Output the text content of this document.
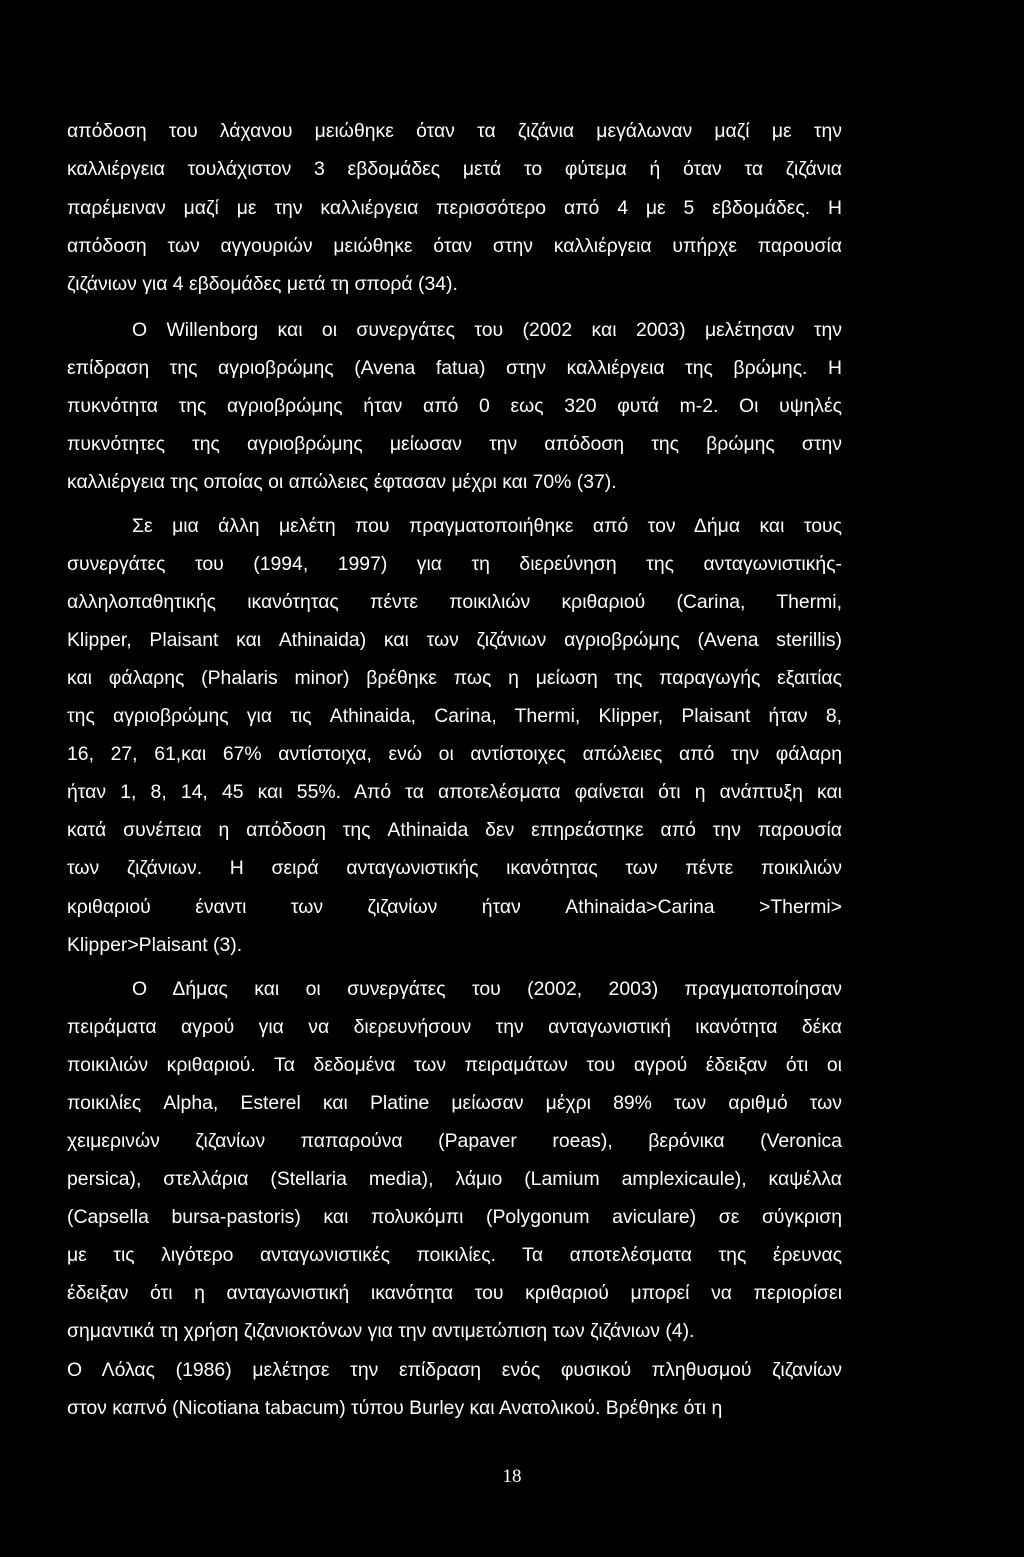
απόδοση του λάχανου μειώθηκε όταν τα ζιζάνια μεγάλωναν μαζί με την
καλλιέργεια τουλάχιστον 3 εβδομάδες μετά το φύτεμα ή όταν τα ζιζάνια
παρέμειναν μαζί με την καλλιέργεια περισσότερο από 4 με 5 εβδομάδες. Η
απόδοση των αγγουριών μειώθηκε όταν στην καλλιέργεια υπήρχε παρουσία
ζιζάνιων για 4 εβδομάδες μετά τη σπορά (34).
Ο Willenborg και οι συνεργάτες του (2002 και 2003) μελέτησαν την
επίδραση της αγριοβρώμης (Avena fatua) στην καλλιέργεια της βρώμης. Η
πυκνότητα της αγριοβρώμης ήταν από 0 εως 320 φυτά m-2. Οι υψηλές
πυκνότητες της αγριοβρώμης μείωσαν την απόδοση της βρώμης στην
καλλιέργεια της οποίας οι απώλειες έφτασαν μέχρι και 70% (37).
Σε μια άλλη μελέτη που πραγματοποιήθηκε από τον Δήμα και τους
συνεργάτες του (1994, 1997) για τη διερεύνηση της ανταγωνιστικής-
αλληλοπαθητικής ικανότητας πέντε ποικιλιών κριθαριού (Carina, Thermi,
Klipper, Plaisant και Athinaida) και των ζιζάνιων αγριοβρώμης (Avena sterillis)
και φάλαρης (Phalaris minor) βρέθηκε πως η μείωση της παραγωγής εξαιτίας
της αγριοβρώμης για τις Athinaida, Carina, Thermi, Klipper, Plaisant ήταν 8,
16, 27, 61,και 67% αντίστοιχα, ενώ οι αντίστοιχες απώλειες από την φάλαρη
ήταν 1, 8, 14, 45 και 55%. Από τα αποτελέσματα φαίνεται ότι η ανάπτυξη και
κατά συνέπεια η απόδοση της Athinaida δεν επηρεάστηκε από την παρουσία
των ζιζάνιων. Η σειρά ανταγωνιστικής ικανότητας των πέντε ποικιλιών
κριθαριού έναντι των ζιζανίων ήταν Athinaida>Carina >Thermi>
Klipper>Plaisant (3).
Ο Δήμας και οι συνεργάτες του (2002, 2003) πραγματοποίησαν
πειράματα αγρού για να διερευνήσουν την ανταγωνιστική ικανότητα δέκα
ποικιλιών κριθαριού. Τα δεδομένα των πειραμάτων του αγρού έδειξαν ότι οι
ποικιλίες Alpha, Esterel και Platine μείωσαν μέχρι 89% των αριθμό των
χειμερινών ζιζανίων παπαρούνα (Papaver roeas), βερόνικα (Veronica
persica), στελλάρια (Stellaria media), λάμιο (Lamium amplexicaule), καψέλλα
(Capsella bursa-pastoris) και πολυκόμπι (Polygonum aviculare) σε σύγκριση
με τις λιγότερο ανταγωνιστικές ποικιλίες. Τα αποτελέσματα της έρευνας
έδειξαν ότι η ανταγωνιστική ικανότητα του κριθαριού μπορεί να περιορίσει
σημαντικά τη χρήση ζιζανιοκτόνων για την αντιμετώπιση των ζιζάνιων (4).
Ο Λόλας (1986) μελέτησε την επίδραση ενός φυσικού πληθυσμού ζιζανίων
στον καπνό (Nicotiana tabacum) τύπου Burley και Ανατολικού. Βρέθηκε ότι η
18
